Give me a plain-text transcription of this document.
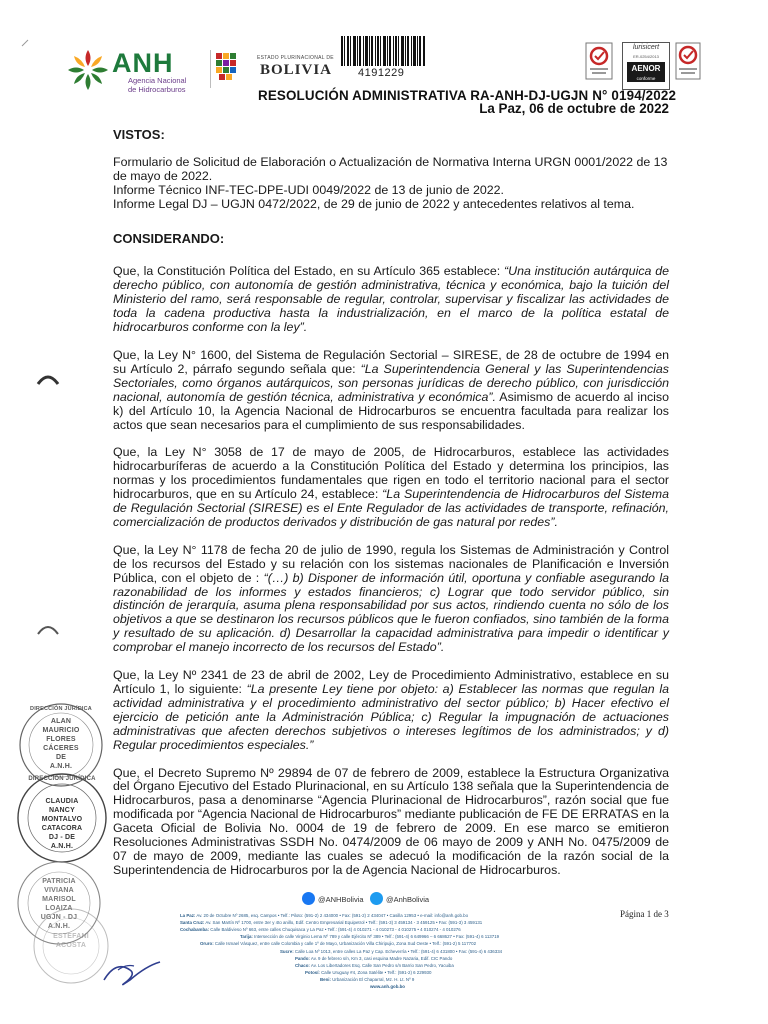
ANH
Agencia Nacional
de Hidrocarburos
ESTADO PLURINACIONAL DE
BOLIVIA 4191229
lurisicert
ER-0254/2013
AENOR
conforme
RESOLUCIÓN ADMINISTRATIVA RA-ANH-DJ-UGJN N° 0194/2022
La Paz, 06 de octubre de 2022

VISTOS:

Formulario de Solicitud de Elaboración o Actualización de Normativa Interna URGN 0001/2022 de 13 de mayo de 2022.

Informe Técnico INF-TEC-DPE-UDI 0049/2022 de 13 de junio de 2022.

Informe Legal DJ – UGJN 0472/2022, de 29 de junio de 2022 y antecedentes relativos al tema.

CONSIDERANDO:

Que, la Constitución Política del Estado, en su Artículo 365 establece: “Una institución autárquica de derecho público, con autonomía de gestión administrativa, técnica y económica, bajo la tuición del Ministerio del ramo, será responsable de regular, controlar, supervisar y fiscalizar las actividades de toda la cadena productiva hasta la industrialización, en el marco de la política estatal de hidrocarburos conforme con la ley”.

Que, la Ley N° 1600, del Sistema de Regulación Sectorial – SIRESE, de 28 de octubre de 1994 en su Artículo 2, párrafo segundo señala que: “La Superintendencia General y las Superintendencias Sectoriales, como órganos autárquicos, son personas jurídicas de derecho público, con jurisdicción nacional, autonomía de gestión técnica, administrativa y económica”. Asimismo de acuerdo al inciso k) del Artículo 10, la Agencia Nacional de Hidrocarburos se encuentra facultada para realizar los actos que sean necesarios para el cumplimiento de sus responsabilidades.

Que, la Ley N° 3058 de 17 de mayo de 2005, de Hidrocarburos, establece las actividades hidrocarburíferas de acuerdo a la Constitución Política del Estado y determina los principios, las normas y los procedimientos fundamentales que rigen en todo el territorio nacional para el sector hidrocarburos, que en su Artículo 24, establece: “La Superintendencia de Hidrocarburos del Sistema de Regulación Sectorial (SIRESE) es el Ente Regulador de las actividades de transporte, refinación, comercialización de productos derivados y distribución de gas natural por redes”.

Que, la Ley N° 1178 de fecha 20 de julio de 1990, regula los Sistemas de Administración y Control de los recursos del Estado y su relación con los sistemas nacionales de Planificación e Inversión Pública, con el objeto de : “(…) b) Disponer de información útil, oportuna y confiable asegurando la razonabilidad de los informes y estados financieros; c) Lograr que todo servidor público, sin distinción de jerarquía, asuma plena responsabilidad por sus actos, rindiendo cuenta no sólo de los objetivos a que se destinaron los recursos públicos que le fueron confiados, sino también de la forma y resultado de su aplicación. d) Desarrollar la capacidad administrativa para impedir o identificar y comprobar el manejo incorrecto de los recursos del Estado”.

Que, la Ley Nº 2341 de 23 de abril de 2002, Ley de Procedimiento Administrativo, establece en su Artículo 1, lo siguiente: “La presente Ley tiene por objeto: a) Establecer las normas que regulan la actividad administrativa y el procedimiento administrativo del sector público; b) Hacer efectivo el ejercicio de petición ante la Administración Pública; c) Regular la impugnación de actuaciones administrativas que afecten derechos subjetivos o intereses legítimos de los administrados; y d) Regular procedimientos especiales.”

Que, el Decreto Supremo Nº 29894 de 07 de febrero de 2009, establece la Estructura Organizativa del Órgano Ejecutivo del Estado Plurinacional, en su Artículo 138 señala que la Superintendencia de Hidrocarburos, pasa a denominarse “Agencia Plurinacional de Hidrocarburos”, razón social que fue modificada por “Agencia Nacional de Hidrocarburos” mediante publicación de FE DE ERRATAS en la Gaceta Oficial de Bolivia No. 0004 de 19 de febrero de 2009. En ese marco se emitieron Resoluciones Administrativas SSDH No. 0474/2009 de 06 mayo de 2009 y ANH No. 0475/2009 de 07 de mayo de 2009, mediante las cuales se adecuó la modificación de la razón social de la Superintendencia de Hidrocarburos por la de Agencia Nacional de Hidrocarburos.

DIRECCIÓN JURÍDICA
ALAN
MAURICIO
FLORES
CÁCERES
DE
A.N.H.
DIRECCIÓN JURÍDICA
CLAUDIA
NANCY
MONTALVO
CATACORA
DJ - DE
A.N.H.
PATRICIA
VIVIANA
MARISOL
LOAIZA
UGJN - DJ
A.N.H.
ESTEFANI
ACOSTA
@ANHBolivia	@AnhBolivia
La Paz: Av. 20 de Octubre Nº 2685, esq. Campos • Telf.: Piloto: (591-2) 2 434000 • Fax: (591-2) 2 434047 • Casilla 12953 • e-mail: info@anh.gob.bo
Santa Cruz: Av. San Martín Nº 1700, entre 3er y 4to anillo, Edif. Centro Empresarial Equipetrol • Telf.: (591-3) 3 459134 - 3 459125 • Fax: (591-3) 3 459131
Cochabamba: Calle Baldivieso Nº 663, entre calles Chuquisaca y La Paz • Telf.: (591-4) 4 010271 - 4 010273 - 4 010275 • 4 010274 - 4 010276
Tarija: Intersección de calle Virginio Lema Nº 789 y calle Ejército Nº 389 • Telf.: (591-4) 6 649966 – 6 668627 • Fax: (591-4) 6 113719
Oruro: Calle Ismael Vásquez, entre calle Colombia y calle 1º de Mayo, Urbanización Villa Chiripujio, Zona Sud Oeste • Telf.: (591-2) 5 117702
Sucre: Calle Loa Nº 1013, entre calles La Paz y Cap. Echeverría • Telf.: (591-4) 6 431800 • Fax: (591-4) 6 436334
Pando: Av. 9 de febrero s/n, Km 3, casi esquina Madre Nazaria, Edif. CIC Pando
Chaco: Av. Los Libertadores Esq. Calle San Pedro s/n Barrio San Pedro, Yacuiba
Potosí: Calle Uruguay #4, Zona Satélite • Telf.: (591-2) 6 229930
Beni: Urbanización El Chaparral, Mz. H. Lt. Nº 9
www.anh.gob.bo
Página 1 de 3
